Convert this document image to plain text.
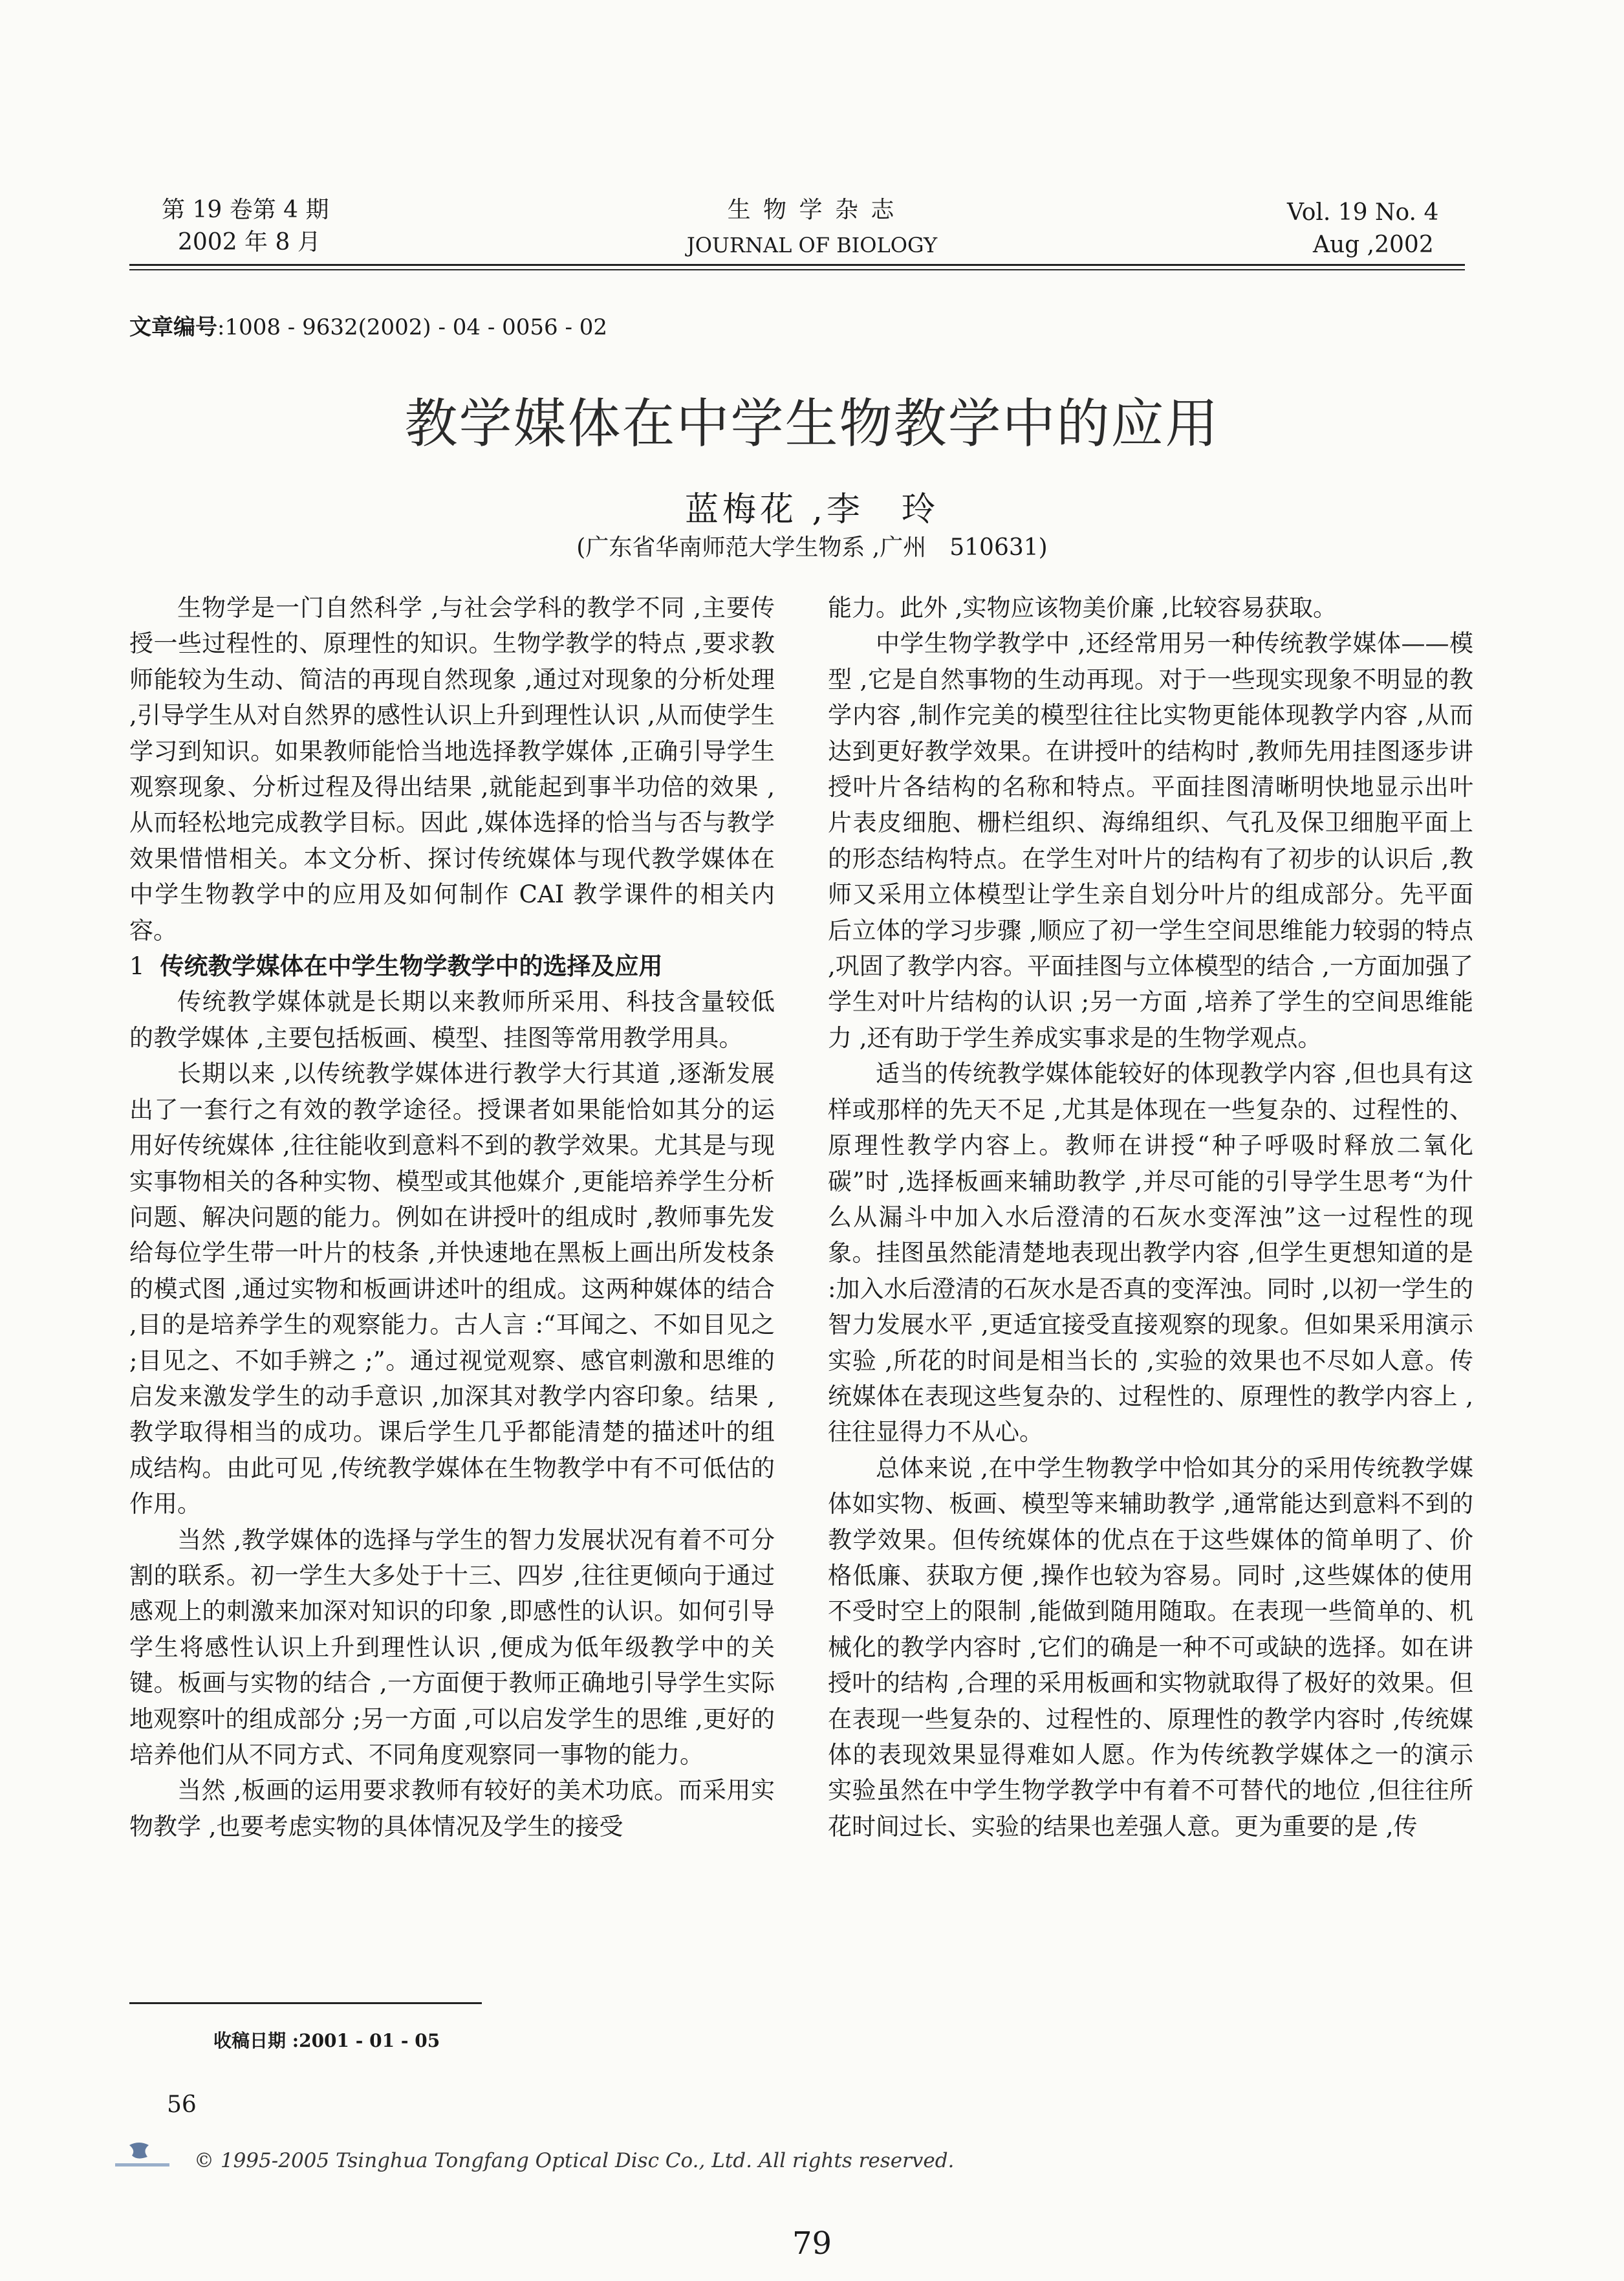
第 19 卷第 4 期
2002 年 8 月
生 物 学 杂 志
JOURNAL OF BIOLOGY
Vol. 19 No. 4
Aug ,2002
文章编号:1008 - 9632(2002) - 04 - 0056 - 02
教学媒体在中学生物教学中的应用
蓝梅花 ,李　玲
(广东省华南师范大学生物系 ,广州　510631)

生物学是一门自然科学 ,与社会学科的教学不同 ,主要传授一些过程性的、原理性的知识。生物学教学的特点 ,要求教师能较为生动、简洁的再现自然现象 ,通过对现象的分析处理 ,引导学生从对自然界的感性认识上升到理性认识 ,从而使学生学习到知识。如果教师能恰当地选择教学媒体 ,正确引导学生观察现象、分析过程及得出结果 ,就能起到事半功倍的效果 ,从而轻松地完成教学目标。因此 ,媒体选择的恰当与否与教学效果惜惜相关。本文分析、探讨传统媒体与现代教学媒体在中学生物教学中的应用及如何制作 CAI 教学课件的相关内容。

1 传统教学媒体在中学生物学教学中的选择及应用

传统教学媒体就是长期以来教师所采用、科技含量较低的教学媒体 ,主要包括板画、模型、挂图等常用教学用具。

长期以来 ,以传统教学媒体进行教学大行其道 ,逐渐发展出了一套行之有效的教学途径。授课者如果能恰如其分的运用好传统媒体 ,往往能收到意料不到的教学效果。尤其是与现实事物相关的各种实物、模型或其他媒介 ,更能培养学生分析问题、解决问题的能力。例如在讲授叶的组成时 ,教师事先发给每位学生带一叶片的枝条 ,并快速地在黑板上画出所发枝条的模式图 ,通过实物和板画讲述叶的组成。这两种媒体的结合 ,目的是培养学生的观察能力。古人言 :“耳闻之、不如目见之 ;目见之、不如手辨之 ;”。通过视觉观察、感官刺激和思维的启发来激发学生的动手意识 ,加深其对教学内容印象。结果 ,教学取得相当的成功。课后学生几乎都能清楚的描述叶的组成结构。由此可见 ,传统教学媒体在生物教学中有不可低估的作用。

当然 ,教学媒体的选择与学生的智力发展状况有着不可分割的联系。初一学生大多处于十三、四岁 ,往往更倾向于通过感观上的刺激来加深对知识的印象 ,即感性的认识。如何引导学生将感性认识上升到理性认识 ,便成为低年级教学中的关键。板画与实物的结合 ,一方面便于教师正确地引导学生实际地观察叶的组成部分 ;另一方面 ,可以启发学生的思维 ,更好的培养他们从不同方式、不同角度观察同一事物的能力。

当然 ,板画的运用要求教师有较好的美术功底。而采用实物教学 ,也要考虑实物的具体情况及学生的接受

能力。此外 ,实物应该物美价廉 ,比较容易获取。

中学生物学教学中 ,还经常用另一种传统教学媒体——模型 ,它是自然事物的生动再现。对于一些现实现象不明显的教学内容 ,制作完美的模型往往比实物更能体现教学内容 ,从而达到更好教学效果。在讲授叶的结构时 ,教师先用挂图逐步讲授叶片各结构的名称和特点。平面挂图清晰明快地显示出叶片表皮细胞、栅栏组织、海绵组织、气孔及保卫细胞平面上的形态结构特点。在学生对叶片的结构有了初步的认识后 ,教师又采用立体模型让学生亲自划分叶片的组成部分。先平面后立体的学习步骤 ,顺应了初一学生空间思维能力较弱的特点 ,巩固了教学内容。平面挂图与立体模型的结合 ,一方面加强了学生对叶片结构的认识 ;另一方面 ,培养了学生的空间思维能力 ,还有助于学生养成实事求是的生物学观点。

适当的传统教学媒体能较好的体现教学内容 ,但也具有这样或那样的先天不足 ,尤其是体现在一些复杂的、过程性的、原理性教学内容上。教师在讲授“种子呼吸时释放二氧化碳”时 ,选择板画来辅助教学 ,并尽可能的引导学生思考“为什么从漏斗中加入水后澄清的石灰水变浑浊”这一过程性的现象。挂图虽然能清楚地表现出教学内容 ,但学生更想知道的是 :加入水后澄清的石灰水是否真的变浑浊。同时 ,以初一学生的智力发展水平 ,更适宜接受直接观察的现象。但如果采用演示实验 ,所花的时间是相当长的 ,实验的效果也不尽如人意。传统媒体在表现这些复杂的、过程性的、原理性的教学内容上 ,往往显得力不从心。

总体来说 ,在中学生物教学中恰如其分的采用传统教学媒体如实物、板画、模型等来辅助教学 ,通常能达到意料不到的教学效果。但传统媒体的优点在于这些媒体的简单明了、价格低廉、获取方便 ,操作也较为容易。同时 ,这些媒体的使用不受时空上的限制 ,能做到随用随取。在表现一些简单的、机械化的教学内容时 ,它们的确是一种不可或缺的选择。如在讲授叶的结构 ,合理的采用板画和实物就取得了极好的效果。但在表现一些复杂的、过程性的、原理性的教学内容时 ,传统媒体的表现效果显得难如人愿。作为传统教学媒体之一的演示实验虽然在中学生物学教学中有着不可替代的地位 ,但往往所花时间过长、实验的结果也差强人意。更为重要的是 ,传

收稿日期 :2001 - 01 - 05
56
© 1995-2005 Tsinghua Tongfang Optical Disc Co., Ltd. All rights reserved.
79
